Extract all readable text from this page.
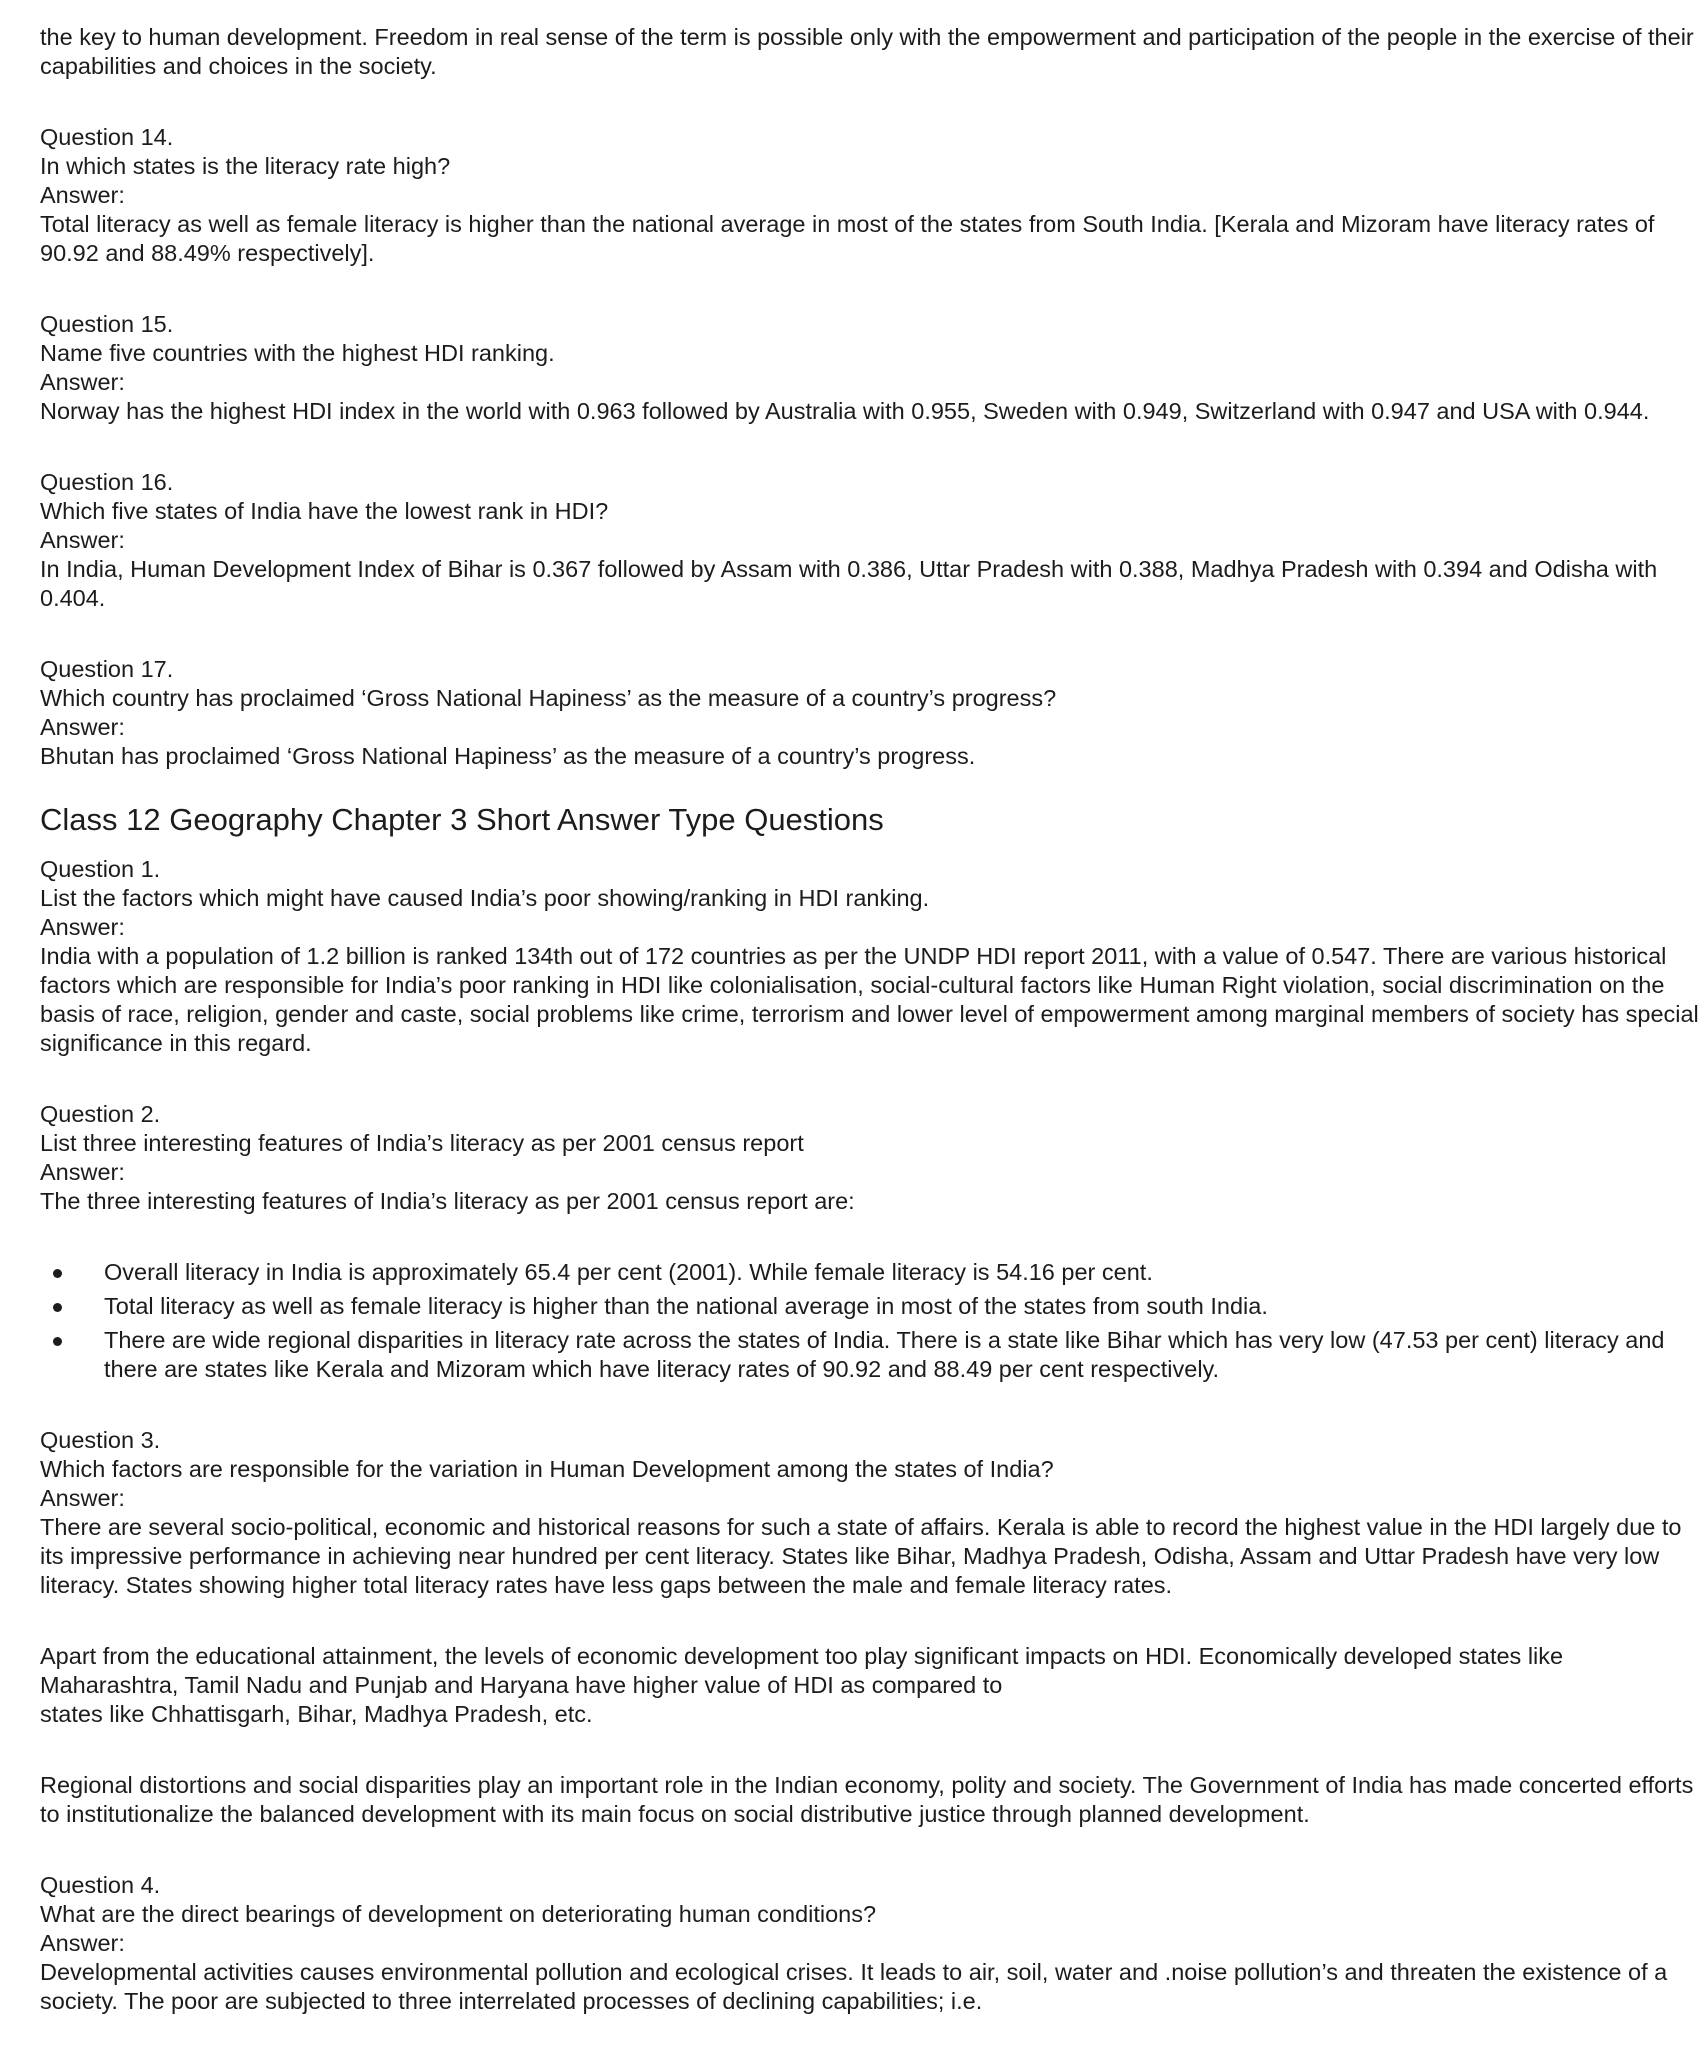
the key to human development. Freedom in real sense of the term is possible only with the empowerment and participation of the people in the exercise of their capabilities and choices in the society.

Question 14.
In which states is the literacy rate high?
Answer:
Total literacy as well as female literacy is higher than the national average in most of the states from South India. [Kerala and Mizoram have literacy rates of 90.92 and 88.49% respectively].
Question 15.
Name five countries with the highest HDI ranking.
Answer:
Norway has the highest HDI index in the world with 0.963 followed by Australia with 0.955, Sweden with 0.949, Switzerland with 0.947 and USA with 0.944.
Question 16.
Which five states of India have the lowest rank in HDI?
Answer:
In India, Human Development Index of Bihar is 0.367 followed by Assam with 0.386, Uttar Pradesh with 0.388, Madhya Pradesh with 0.394 and Odisha with 0.404.
Question 17.
Which country has proclaimed ‘Gross National Hapiness’ as the measure of a country’s progress?
Answer:
Bhutan has proclaimed ‘Gross National Hapiness’ as the measure of a country’s progress.
Class 12 Geography Chapter 3 Short Answer Type Questions
Question 1.
List the factors which might have caused India’s poor showing/ranking in HDI ranking.
Answer:
India with a population of 1.2 billion is ranked 134th out of 172 countries as per the UNDP HDI report 2011, with a value of 0.547. There are various historical factors which are responsible for India’s poor ranking in HDI like colonialisation, social-cultural factors like Human Right violation, social discrimination on the basis of race, religion, gender and caste, social problems like crime, terrorism and lower level of empowerment among marginal members of society has special significance in this regard.
Question 2.
List three interesting features of India’s literacy as per 2001 census report
Answer:
The three interesting features of India’s literacy as per 2001 census report are:
Overall literacy in India is approximately 65.4 per cent (2001). While female literacy is 54.16 per cent.
Total literacy as well as female literacy is higher than the national average in most of the states from south India.
There are wide regional disparities in literacy rate across the states of India. There is a state like Bihar which has very low (47.53 per cent) literacy and there are states like Kerala and Mizoram which have literacy rates of 90.92 and 88.49 per cent respectively.
Question 3.
Which factors are responsible for the variation in Human Development among the states of India?
Answer:
There are several socio-political, economic and historical reasons for such a state of affairs. Kerala is able to record the highest value in the HDI largely due to its impressive performance in achieving near hundred per cent literacy. States like Bihar, Madhya Pradesh, Odisha, Assam and Uttar Pradesh have very low literacy. States showing higher total literacy rates have less gaps between the male and female literacy rates.
Apart from the educational attainment, the levels of economic development too play significant impacts on HDI. Economically developed states like Maharashtra, Tamil Nadu and Punjab and Haryana have higher value of HDI as compared to
states like Chhattisgarh, Bihar, Madhya Pradesh, etc.

Regional distortions and social disparities play an important role in the Indian economy, polity and society. The Government of India has made concerted efforts to institutionalize the balanced development with its main focus on social distributive justice through planned development.

Question 4.
What are the direct bearings of development on deteriorating human conditions?
Answer:
Developmental activities causes environmental pollution and ecological crises. It leads to air, soil, water and .noise pollution’s and threaten the existence of a society. The poor are subjected to three interrelated processes of declining capabilities; i.e.
